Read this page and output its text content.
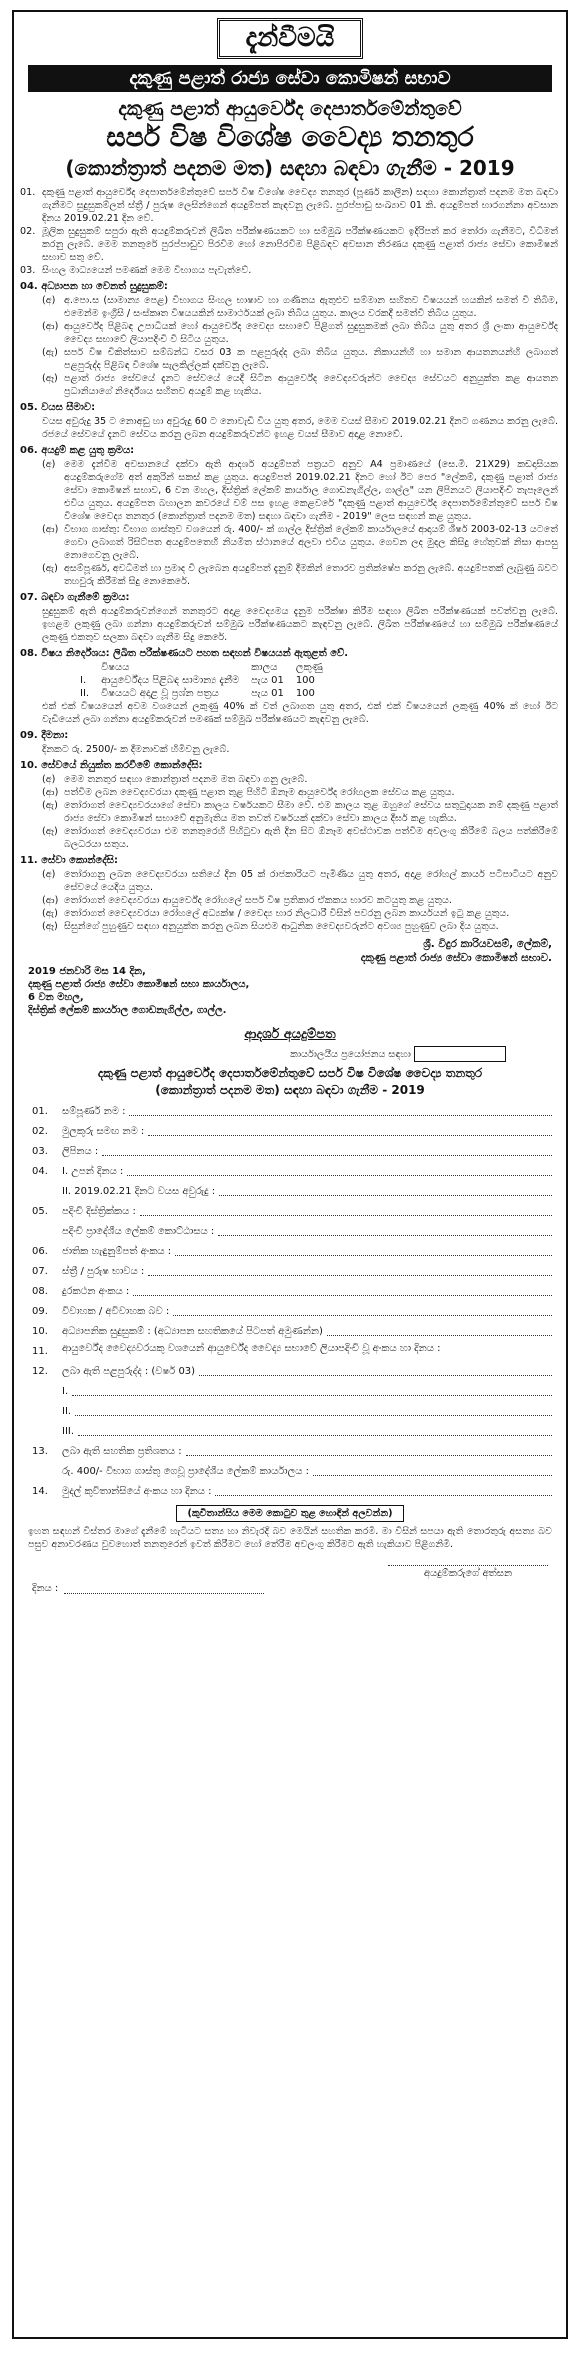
දැන්වීමයි
දකුණු පළාත් රාජ්‍ය සේවා කොමිෂන් සභාව
දකුණු පළාත් ආයුර්වේද දෙපාර්තමේන්තුවේ
සර්ප විෂ විශේෂ වෛද්‍ය තනතුර
(කොන්ත්‍රාත් පදනම මත) සඳහා බඳවා ගැනීම - 2019
01. දකුණු පළාත් ආයුර්වේද දෙපාර්තමේන්තුවේ සර්ප විෂ විශේෂ වෛද්‍ය තනතුර (පූර්ණ කාලීන) සඳහා කොන්ත්‍රාත් පදනම මත බඳවා ගැනීමට සුදුසුකම්ලත් ස්ත්‍රී / පුරුෂ ලෙසින්ගෙන් අයදුම්පත් කැඳවනු ලැබේ. පුරප්පාඩු සංඛ්‍යාව 01 කි. අයදුම්පත් භාරගන්නා අවසාන දිනය 2019.02.21 දින වේ.
02. මූලික සුදුසුකම් සපුරා ඇති අයදුම්කරුවන් ලිඛිත පරීක්ෂණයකට හා සම්මුඛ පරීක්ෂණයකට ඉදිරිපත් කර තෝරා ගැනීමට, විධිමත් කරනු ලැබේ. මෙම තනතුරේ පුරප්පාඩුව පිරවීම හෝ නොපිරවීම පිළිබඳව අවසාන තීරණය දකුණු පළාත් රාජ්‍ය සේවා කොමිෂන් සභාව සතු වේ.
03. සිංහල මාධ්‍යයෙන් පමණක් මෙම විභාගය පැවැත්වේ.
04. අධ්‍යාපන හා වෙනත් සුදුසුකම්:
(අ) අ.පො.ස (සාමාන්‍ය පෙළ) විභාගය සිංහල භාෂාව හා ගණිතය ඇතුළුව සම්මාන සහිතව විෂයයන් හයකින් සමත් වී තිබීම, එමෙන්ම ඉංග්‍රීසි / සංස්කෘත විෂයයකින් සාමාර්ථයක් ලබා තිබිය යුතුය. කාලය වරකදී සමත්වී තිබිය යුතුය.
(ආ) ආයුර්වේද පිළිබඳ උපාධියක් හෝ ආයුර්වේද වෛද්‍ය සභාවේ පිළිගත් සුදුසුකමක් ලබා තිබිය යුතු අතර ශ්‍රී ලංකා ආයුර්වේද වෛද්‍ය සභාවේ ලියාපදිංචි වී සිටිය යුතුය.
(ඇ) සර්ප විෂ චිකිත්සාව සම්බන්ධ වසර 03 ක පළපුරුද්ද ලබා තිබිය යුතුය. නිකායන්හි හා සමාන ආයතනයන්හි ලබාගත් පළපුරුද්ද පිළිබඳ විශේෂ සැලකිල්ලක් දක්වනු ලැබේ.
(ඈ) පළාත් රාජ්‍ය සේවයේ දැනට සේවයේ යෙදී සිටින ආයුර්වේද වෛද්‍යවරුන්ට වෛද්‍ය සේවයට අනුයුක්ත කළ ආයතන ප්‍රධානියාගේ නිර්දේශය සහිතව අයදුම් කළ හැකිය.
05. වයස සීමාව:
වයස අවුරුදු 35 ට නොඅඩු හා අවුරුදු 60 ට නොවැඩි විය යුතු අතර, මෙම වයස් සීමාව 2019.02.21 දිනට ගණනය කරනු ලැබේ. රජයේ සේවයේ දැනට සේවය කරනු ලබන අයදුම්කරුවන්ට ඉහළ වයස් සීමාව අදාළ නොවේ.
06. අයදුම් කළ යුතු ක්‍රමය:
(අ) මෙම දැන්වීම අවසානයේ දක්වා ඇති ආදර්ශ අයදුම්පත් පත්‍රයට අනුව A4 ප්‍රමාණයේ (සෙ.මී. 21X29) කඩදාසියක අයදුම්කරුගේම අත් අකුරින් සකස් කළ යුතුය. අයදුම්පත් 2019.02.21 දිනට හෝ ඊට පෙර "ලේකම්, දකුණු පළාත් රාජ්‍ය සේවා කොමිෂන් සභාව, 6 වන මහල, දිස්ත්‍රික් ලේකම් කාර්යාල ගොඩනැගිල්ල, ගාල්ල" යන ලිපිනයට ලියාපදිංචි තැපෑලෙන් එවිය යුතුය. අයදුම්පත බහාලන කවරයේ වම් පස ඉහළ කෙළවරේ "දකුණු පළාත් ආයුර්වේද දෙපාර්තමේන්තුවේ සර්ප විෂ විශේෂ වෛද්‍ය තනතුර (කොන්ත්‍රාත් පදනම මත) සඳහා බඳවා ගැනීම - 2019" ලෙස සඳහන් කළ යුතුය.
(ආ) විභාග ගාස්තු: විභාග ගාස්තුව වශයෙන් රු. 400/- ක් ගාල්ල දිස්ත්‍රික් ලේකම් කාර්යාලයේ ආදායම් ශීර්ෂ 2003-02-13 යටතේ ගෙවා ලබාගත් රිසිට්පත අයදුම්පතෙහි නියමිත ස්ථානයේ අලවා එවිය යුතුය. ගෙවන ලද මුදල කිසිදු හේතුවක් නිසා ආපසු නොගෙවනු ලැබේ.
(ඇ) අසම්පූර්ණ, අවධිමත් හා ප්‍රමාද වී ලැබෙන අයදුම්පත් දැනුම් දීමකින් තොරව ප්‍රතික්ෂේප කරනු ලැබේ. අයදුම්පතක් ලැබුණු බවට තහවුරු කිරීමක් සිදු නොකෙරේ.
07. බඳවා ගැනීමේ ක්‍රමය:
සුදුසුකම් ඇති අයදුම්කරුවන්ගෙන් තනතුරට අදාළ වෛද්‍යමය දැනුම පරීක්ෂා කිරීම සඳහා ලිඛිත පරීක්ෂණයක් පවත්වනු ලැබේ. ඉහළම ලකුණු ලබා ගන්නා අයදුම්කරුවන් සම්මුඛ පරීක්ෂණයකට කැඳවනු ලැබේ. ලිඛිත පරීක්ෂණයේ හා සම්මුඛ පරීක්ෂණයේ ලකුණු එකතුව සලකා බඳවා ගැනීම සිදු කෙරේ.
08. විෂය නිර්දේශය: ලිඛිත පරීක්ෂණයට පහත සඳහන් විෂයයන් ඇතුළත් වේ.
	විෂයය	කාලය	ලකුණු
I.	ආයුර්වේදය පිළිබඳ සාමාන්‍ය දැනීම	පැය 01	100
II.	විෂයයට අදාළ වූ ප්‍රශ්න පත්‍රය	පැය 01	100
එක් එක් විෂයයෙන් අවම වශයෙන් ලකුණු 40% ක් වත් ලබාගත යුතු අතර, එක් එක් විෂයයෙන් ලකුණු 40% ක් හෝ ඊට වැඩියෙන් ලබා ගන්නා අයදුම්කරුවන් පමණක් සම්මුඛ පරීක්ෂණයට කැඳවනු ලැබේ.
09. දීමනා:
දිනකට රු. 2500/- ක දීමනාවක් හිමිවනු ලැබේ.
10. සේවයේ නියුක්ත කරවීමේ කොන්දේසි:
(අ) මෙම තනතුර සඳහා කොන්ත්‍රාත් පදනම මත බඳවා ගනු ලැබේ.
(ආ) පත්වීම ලබන වෛද්‍යවරයා දකුණු පළාත තුළ පිහිටි ඕනෑම ආයුර්වේද රෝහලක සේවය කළ යුතුය.
(ඇ) තෝරාගත් වෛද්‍යවරයාගේ සේවා කාලය වර්ෂයකට සීමා වේ. එම කාලය තුළ ඔහුගේ සේවය සතුටුදායක නම් දකුණු පළාත් රාජ්‍ය සේවා කොමිෂන් සභාවේ අනුමැතිය මත තවත් වර්ෂයක් දක්වා සේවා කාලය දීර්ඝ කළ හැකිය.
(ඈ) තෝරාගත් වෛද්‍යවරයා එම තනතුරෙහි පිහිටුවා ඇති දින සිට ඕනෑම අවස්ථාවක පත්වීම අවලංගු කිරීමේ බලය පත්කිරීමේ බලධරයා සතුය.
11. සේවා කොන්දේසි:
(අ) තෝරාගනු ලබන වෛද්‍යවරයා සතියේ දින 05 ක් රාජකාරියට පැමිණිය යුතු අතර, අදාළ රෝහල් කාර්ය පටිපාටියට අනුව සේවයේ යෙදිය යුතුය.
(ආ) තෝරාගත් වෛද්‍යවරයා ආයුර්වේද රෝහලේ සර්ප විෂ ප්‍රතිකාර ඒකකය භාරව කටයුතු කළ යුතුය.
(ඇ) තෝරාගත් වෛද්‍යවරයා රෝහලේ අධ්‍යක්ෂ / වෛද්‍ය භාර නිලධාරී විසින් පවරනු ලබන කාර්යයන් ඉටු කළ යුතුය.
(ඈ) සිසුන්ගේ පුහුණුව සඳහා අනුයුක්ත කරනු ලබන සියළුම ආධුනික වෛද්‍යවරුන්ට අවශ්‍ය පුහුණුව ලබා දිය යුතුය.
ශ්‍රී. විදුර කාරියවසම්, ලේකම්,
දකුණු පළාත් රාජ්‍ය සේවා කොමිෂන් සභාව.
2019 ජනවාරි මස 14 දින,
දකුණු පළාත් රාජ්‍ය සේවා කොමිෂන් සභා කාර්යාලය,
6 වන මහල,
දිස්ත්‍රික් ලේකම් කාර්යාල ගොඩනැගිල්ල, ගාල්ල.
ආදර්ශ අයදුම්පත
කාර්යාලයීය ප්‍රයෝජනය සඳහා
දකුණු පළාත් ආයුර්වේද දෙපාර්තමේන්තුවේ සර්ප විෂ විශේෂ වෛද්‍ය තනතුර
(කොන්ත්‍රාත් පදනම මත) සඳහා බඳවා ගැනීම - 2019
01.	සම්පූර්ණ නම :
02.	මුලකුරු සමඟ නම :
03.	ලිපිනය :
04.	I. උපන් දිනය :
II. 2019.02.21 දිනට වයස අවුරුදු :
05.	පදිංචි දිස්ත්‍රික්කය :
පදිංචි ප්‍රාදේශීය ලේකම් කොට්ඨාසය :
06.	ජාතික හැඳුනුම්පත් අංකය :
07.	ස්ත්‍රී / පුරුෂ භාවය :
08.	දුරකථන අංකය :
09.	විවාහක / අවිවාහක බව :
10.	අධ්‍යාපනික සුදුසුකම් : (අධ්‍යාපන සහතිකයේ පිටපත් අමුණන්න)
11.	ආයුර්වේද වෛද්‍යවරයකු වශයෙන් ආයුර්වේද වෛද්‍ය සභාවේ ලියාපදිංචි වූ අංකය හා දිනය :
12.	ලබා ඇති පළපුරුද්ද : (වර්ෂ 03)
I.
II.
III.
13.	ලබා ඇති සහතික ප්‍රතිශතය :
රු. 400/- විභාග ගාස්තු ගෙවූ ප්‍රාදේශීය ලේකම් කාර්යාලය :
14.	මුදල් කුවිතාන්සියේ අංකය හා දිනය :
(කුවිතාන්සිය මෙම කොටුව තුළ හොඳින් අලවන්න)
ඉහත සඳහන් විස්තර මාගේ දැනීමේ හැටියට සත්‍ය හා නිවැරදි බව මෙයින් සහතික කරමි. මා විසින් සපයා ඇති තොරතුරු අසත්‍ය බව පසුව අනාවරණය වුවහොත් තනතුරෙන් ඉවත් කිරීමට හෝ තේරීම අවලංගු කිරීමට ඇති හැකියාව පිළිගනිමි.
අයදුම්කරුගේ අත්සන
දිනය :
